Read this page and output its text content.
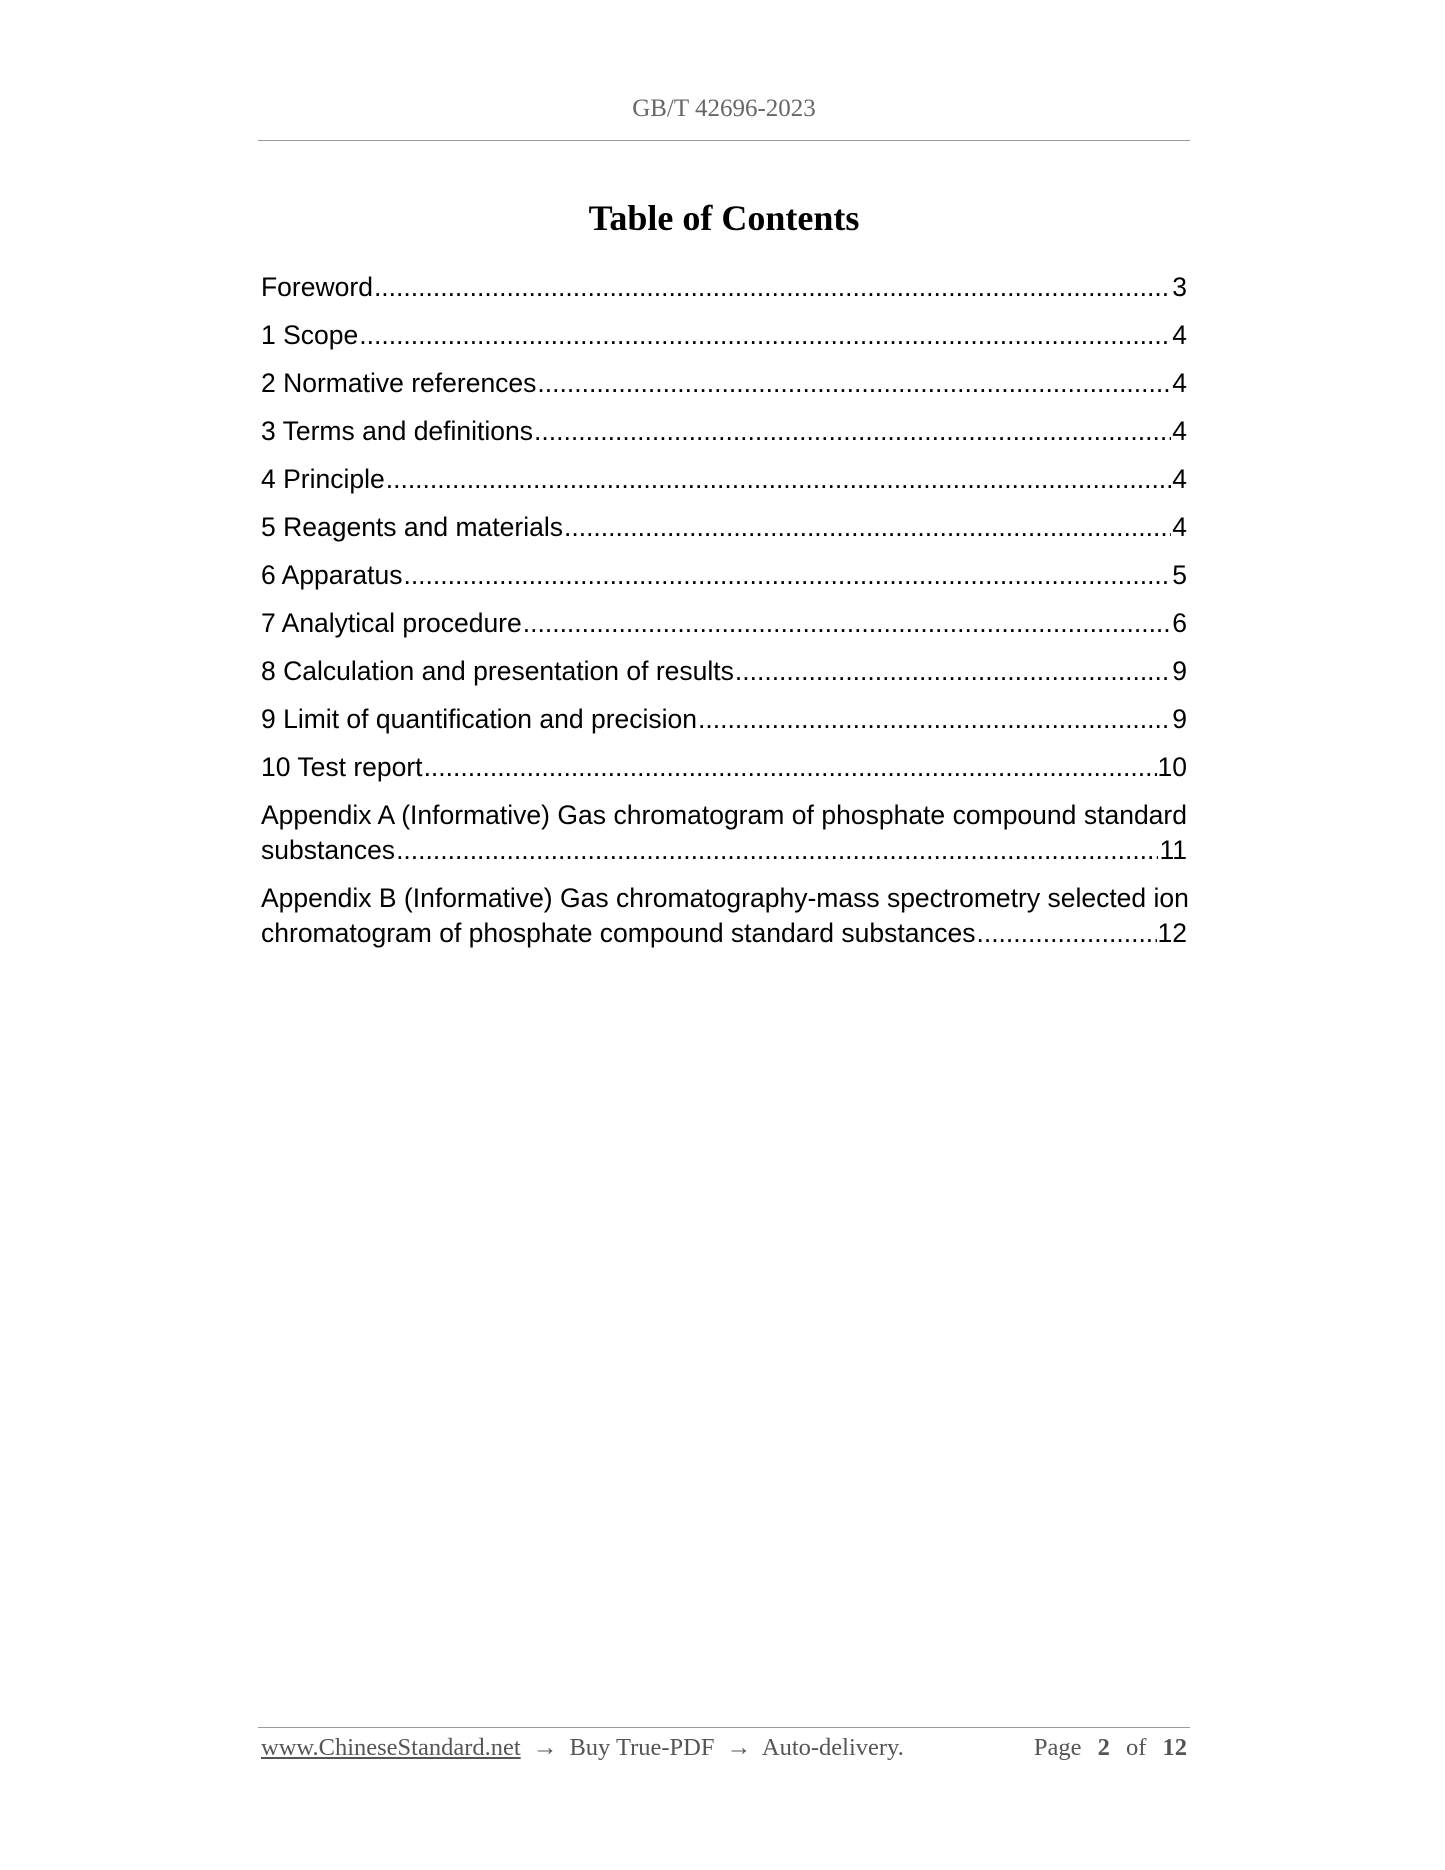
GB/T 42696-2023
Table of Contents
Foreword .....	3
1 Scope .....	4
2 Normative references .....	4
3 Terms and definitions .....	4
4 Principle .....	4
5 Reagents and materials .....	4
6 Apparatus .....	5
7 Analytical procedure .....	6
8 Calculation and presentation of results .....	9
9 Limit of quantification and precision .....	9
10 Test report .....	10
Appendix A (Informative) Gas chromatogram of phosphate compound standard
substances .....	11
Appendix B (Informative) Gas chromatography-mass spectrometry selected ion
chromatogram of phosphate compound standard substances .....	12
www.ChineseStandard.net → Buy True-PDF → Auto-delivery.	Page 2 of 12
